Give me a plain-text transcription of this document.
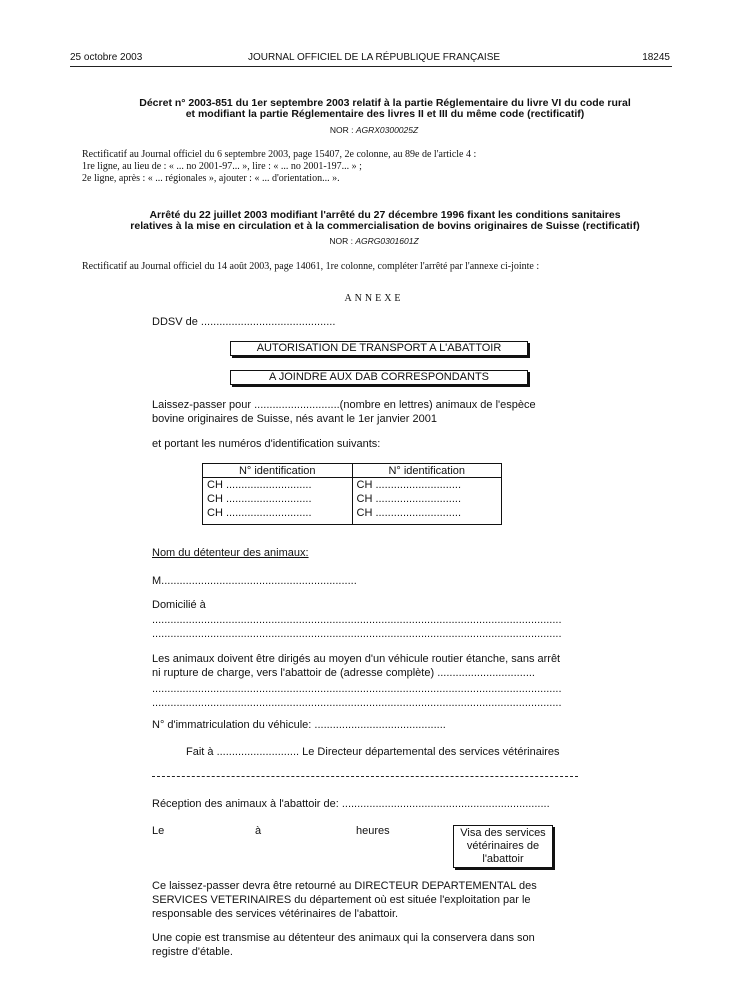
25 octobre 2003	JOURNAL OFFICIEL DE LA RÉPUBLIQUE FRANÇAISE	18245
Décret n° 2003-851 du 1er septembre 2003 relatif à la partie Réglementaire du livre VI du code rural
et modifiant la partie Réglementaire des livres II et III du même code (rectificatif)
NOR : AGRX0300025Z
Rectificatif au Journal officiel du 6 septembre 2003, page 15407, 2e colonne, au 89e de l'article 4 :
1re ligne, au lieu de : « ... no 2001-97... », lire : « ... no 2001-197... » ;
2e ligne, après : « ... régionales », ajouter : « ... d'orientation... ».
Arrêté du 22 juillet 2003 modifiant l'arrêté du 27 décembre 1996 fixant les conditions sanitaires
relatives à la mise en circulation et à la commercialisation de bovins originaires de Suisse (rectificatif)
NOR : AGRG0301601Z
Rectificatif au Journal officiel du 14 août 2003, page 14061, 1re colonne, compléter l'arrêté par l'annexe ci-jointe :
ANNEXE
DDSV de ............................................
AUTORISATION DE TRANSPORT A L'ABATTOIR
A JOINDRE AUX DAB CORRESPONDANTS
Laissez-passer pour ............................(nombre en lettres) animaux de l'espèce
bovine originaires de Suisse, nés avant le 1er janvier 2001
et portant les numéros d'identification suivants:
N° identification	N° identification
CH ............................	CH ............................
CH ............................	CH ............................
CH ............................	CH ............................
Nom du détenteur des animaux:
M................................................................
Domicilié à
......................................................................................................................................
......................................................................................................................................
Les animaux doivent être dirigés au moyen d'un véhicule routier étanche, sans arrêt
ni rupture de charge, vers l'abattoir de (adresse complète) ................................
......................................................................................................................................
......................................................................................................................................
N° d'immatriculation du véhicule: ...........................................
Fait à ........................... Le Directeur départemental des services vétérinaires
Réception des animaux à l'abattoir de: ....................................................................
Le	à	heures	Visa des services vétérinaires de l'abattoir
Ce laissez-passer devra être retourné au DIRECTEUR DEPARTEMENTAL des
SERVICES VETERINAIRES du département où est située l'exploitation par le
responsable des services vétérinaires de l'abattoir.
Une copie est transmise au détenteur des animaux qui la conservera dans son
registre d'étable.
